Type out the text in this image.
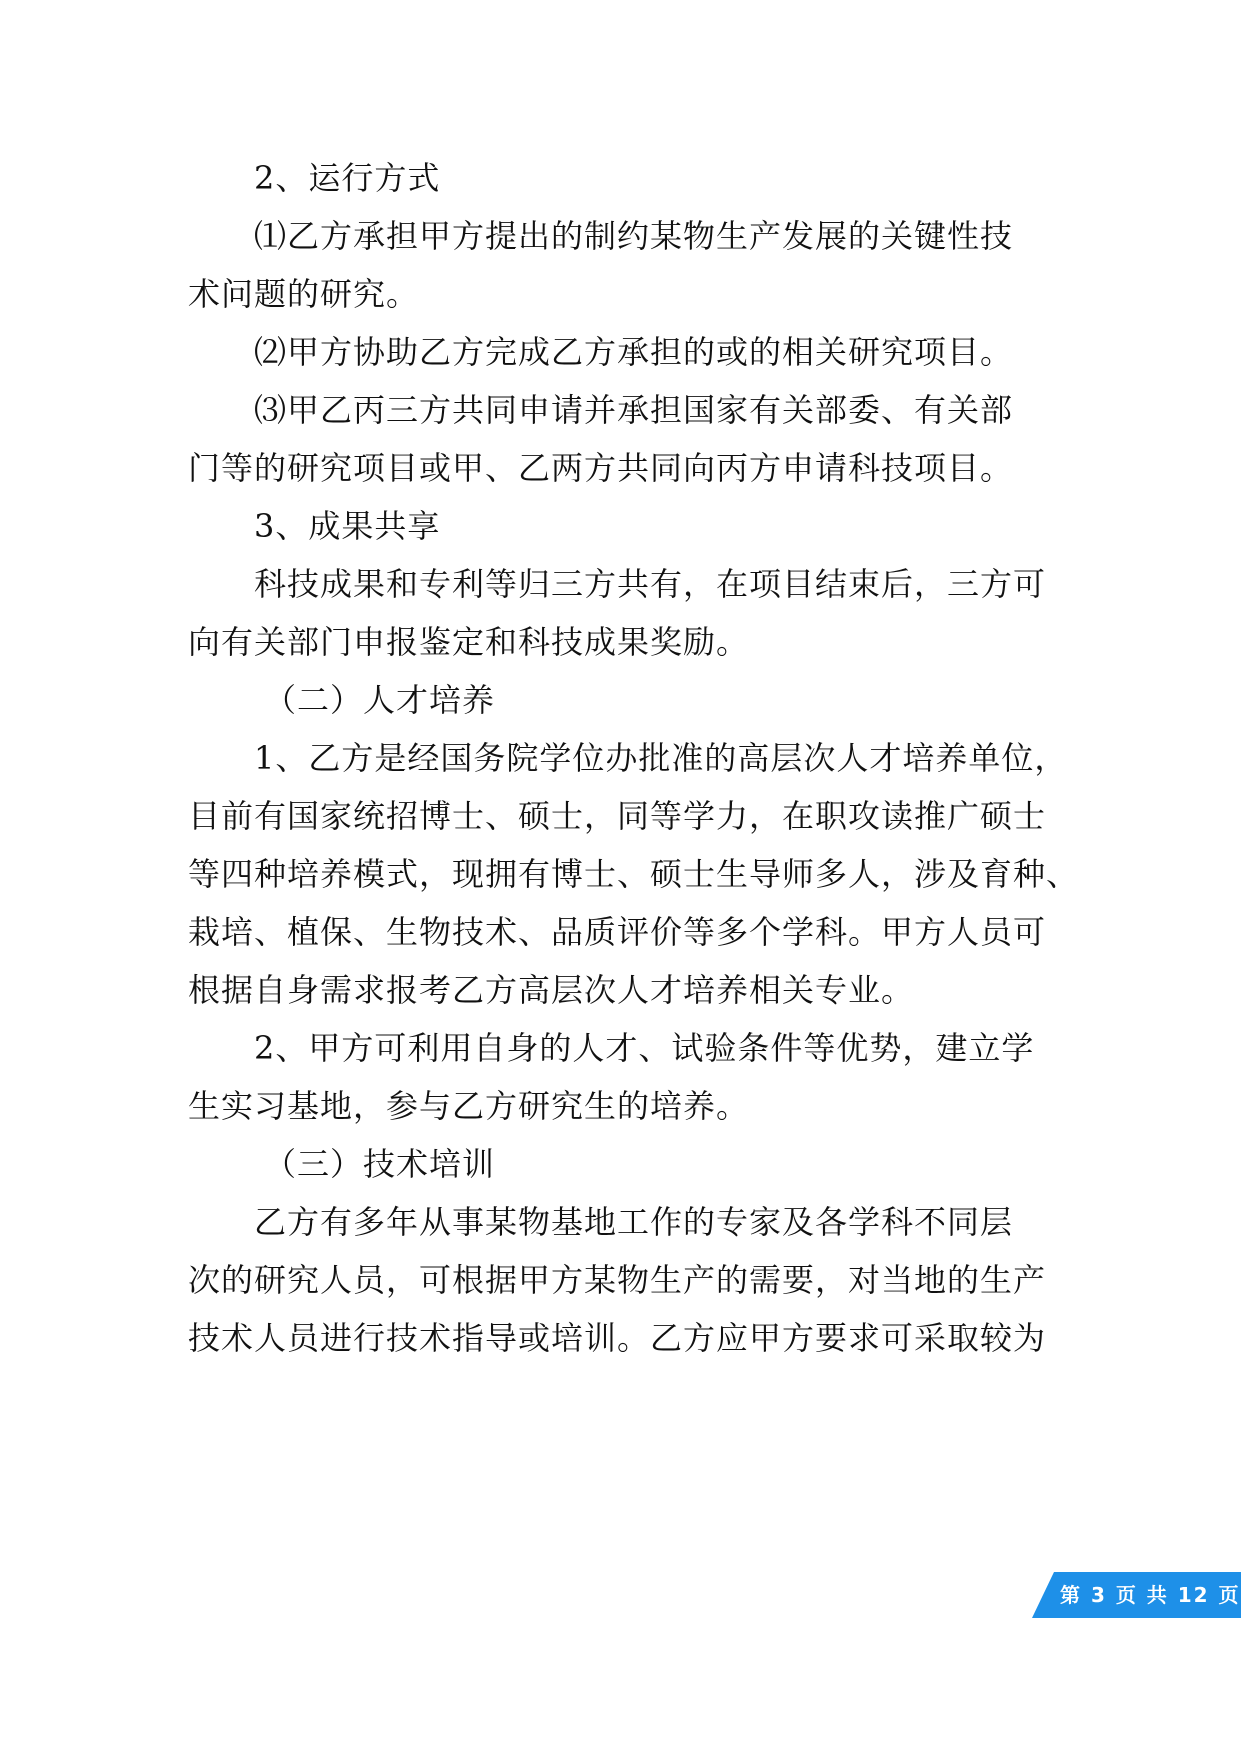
2、运行方式
⑴乙方承担甲方提出的制约某物生产发展的关键性技
术问题的研究。
⑵甲方协助乙方完成乙方承担的或的相关研究项目。
⑶甲乙丙三方共同申请并承担国家有关部委、有关部
门等的研究项目或甲、乙两方共同向丙方申请科技项目。
3、成果共享
科技成果和专利等归三方共有，在项目结束后，三方可
向有关部门申报鉴定和科技成果奖励。
（二）人才培养
1、乙方是经国务院学位办批准的高层次人才培养单位，
目前有国家统招博士、硕士，同等学力，在职攻读推广硕士
等四种培养模式，现拥有博士、硕士生导师多人，涉及育种、
栽培、植保、生物技术、品质评价等多个学科。甲方人员可
根据自身需求报考乙方高层次人才培养相关专业。
2、甲方可利用自身的人才、试验条件等优势，建立学
生实习基地，参与乙方研究生的培养。
（三）技术培训
乙方有多年从事某物基地工作的专家及各学科不同层
次的研究人员，可根据甲方某物生产的需要，对当地的生产
技术人员进行技术指导或培训。乙方应甲方要求可采取较为
第 3 页 共 12 页
